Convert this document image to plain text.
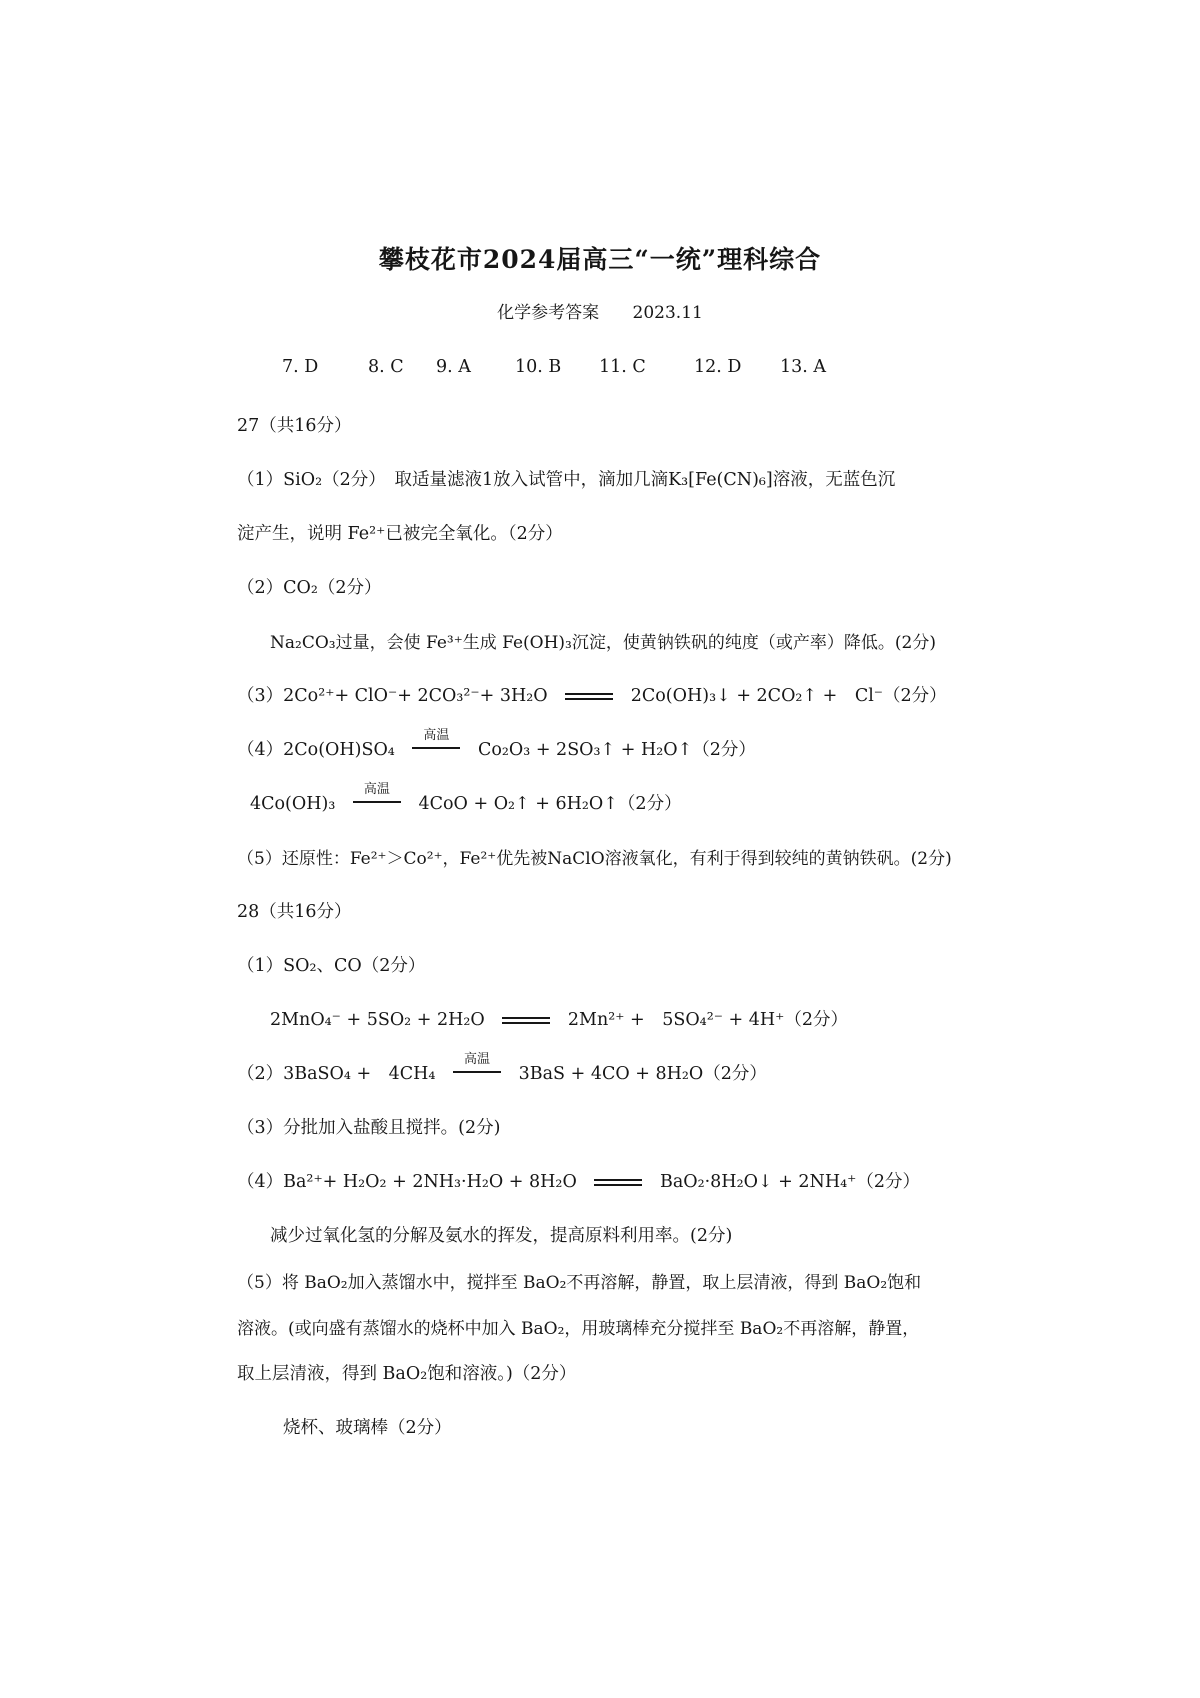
攀枝花市2024届高三“一统”理科综合
化学参考答案 2023.11
7. D	8. C 9. A	10. B 11. C	12. D 13. A
27（共16分）
（1）SiO₂（2分）　取适量滤液1放入试管中，滴加几滴K₃[Fe(CN)₆]溶液，无蓝色沉
淀产生，说明 Fe²⁺已被完全氧化。（2分）
（2）CO₂（2分）
Na₂CO₃过量，会使 Fe³⁺生成 Fe(OH)₃沉淀，使黄钠铁矾的纯度（或产率）降低。(2分)
（3）2Co²⁺+ ClO⁻+ 2CO₃²⁻+ 3H₂O	2Co(OH)₃↓ + 2CO₂↑ +　Cl⁻（2分）
（4）2Co(OH)SO₄
高温
Co₂O₃ + 2SO₃↑ + H₂O↑（2分）
4Co(OH)₃
高温
4CoO + O₂↑ + 6H₂O↑（2分）
（5）还原性：Fe²⁺＞Co²⁺，Fe²⁺优先被NaClO溶液氧化，有利于得到较纯的黄钠铁矾。(2分)
28（共16分）
（1）SO₂、CO（2分）
2MnO₄⁻ + 5SO₂ + 2H₂O	2Mn²⁺ +　5SO₄²⁻ + 4H⁺（2分）
（2）3BaSO₄ +　4CH₄
高温
3BaS + 4CO + 8H₂O（2分）
（3）分批加入盐酸且搅拌。(2分)
（4）Ba²⁺+ H₂O₂ + 2NH₃·H₂O + 8H₂O	BaO₂·8H₂O↓ + 2NH₄⁺（2分）
减少过氧化氢的分解及氨水的挥发，提高原料利用率。(2分)
（5）将 BaO₂加入蒸馏水中，搅拌至 BaO₂不再溶解，静置，取上层清液，得到 BaO₂饱和
溶液。(或向盛有蒸馏水的烧杯中加入 BaO₂，用玻璃棒充分搅拌至 BaO₂不再溶解，静置，
取上层清液，得到 BaO₂饱和溶液。)（2分）
烧杯、玻璃棒（2分）
